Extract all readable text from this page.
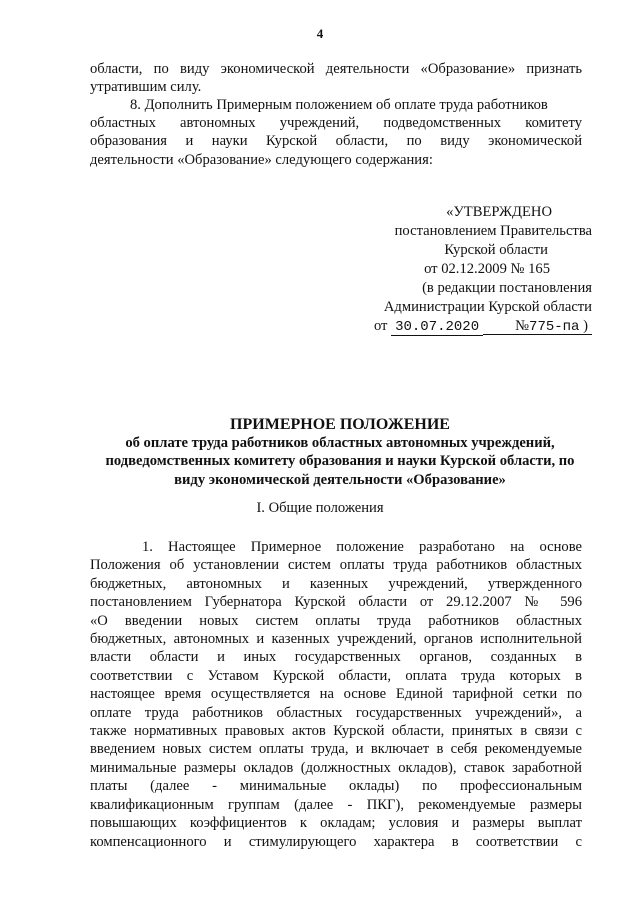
4
области, по виду экономической деятельности «Образование» признать
утратившим силу.
8. Дополнить Примерным положением об оплате труда работников
областных автономных учреждений, подведомственных комитету
образования и науки Курской области, по виду экономической
деятельности «Образование» следующего содержания:
«УТВЕРЖДЕНО
постановлением Правительства
Курской области
от 02.12.2009 № 165
(в редакции постановления
Администрации Курской области
от 30.07.2020 №775-па )
ПРИМЕРНОЕ ПОЛОЖЕНИЕ
об оплате труда работников областных автономных учреждений,
подведомственных комитету образования и науки Курской области, по
виду экономической деятельности «Образование»
I. Общие положения
1. Настоящее Примерное положение разработано на основе
Положения об установлении систем оплаты труда работников областных
бюджетных, автономных и казенных учреждений, утвержденного
постановлением Губернатора Курской области от 29.12.2007 № 596
«О введении новых систем оплаты труда работников областных
бюджетных, автономных и казенных учреждений, органов исполнительной
власти области и иных государственных органов, созданных в
соответствии с Уставом Курской области, оплата труда которых в
настоящее время осуществляется на основе Единой тарифной сетки по
оплате труда работников областных государственных учреждений», а
также нормативных правовых актов Курской области, принятых в связи с
введением новых систем оплаты труда, и включает в себя рекомендуемые
минимальные размеры окладов (должностных окладов), ставок заработной
платы (далее - минимальные оклады) по профессиональным
квалификационным группам (далее - ПКГ), рекомендуемые размеры
повышающих коэффициентов к окладам; условия и размеры выплат
компенсационного и стимулирующего характера в соответствии с
